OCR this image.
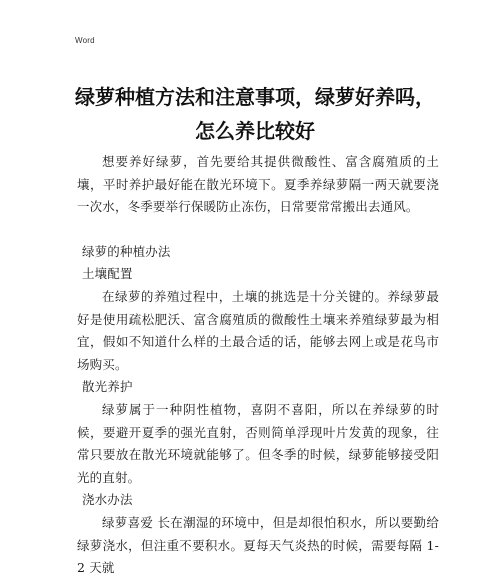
Word
绿萝种植方法和注意事项，绿萝好养吗，
怎么养比较好

想要养好绿萝，首先要给其提供微酸性、富含腐殖质的土壤，平时养护最好能在散光环境下。夏季养绿萝隔一两天就要浇一次水，冬季要举行保暖防止冻伤，日常要常常搬出去通风。

绿萝的种植办法

土壤配置

在绿萝的养殖过程中，土壤的挑选是十分关键的。养绿萝最好是使用疏松肥沃、富含腐殖质的微酸性土壤来养殖绿萝最为相宜，假如不知道什么样的土最合适的话，能够去网上或是花鸟市场购买。

散光养护

绿萝属于一种阴性植物，喜阴不喜阳，所以在养绿萝的时候，要避开夏季的强光直射，否则简单浮现叶片发黄的现象，往常只要放在散光环境就能够了。但冬季的时候，绿萝能够接受阳光的直射。

浇水办法

绿萝喜爱 长在潮湿的环境中，但是却很怕积水，所以要勤给绿萝浇水，但注重不要积水。夏每天气炎热的时候，需要每隔 1-2 天就
